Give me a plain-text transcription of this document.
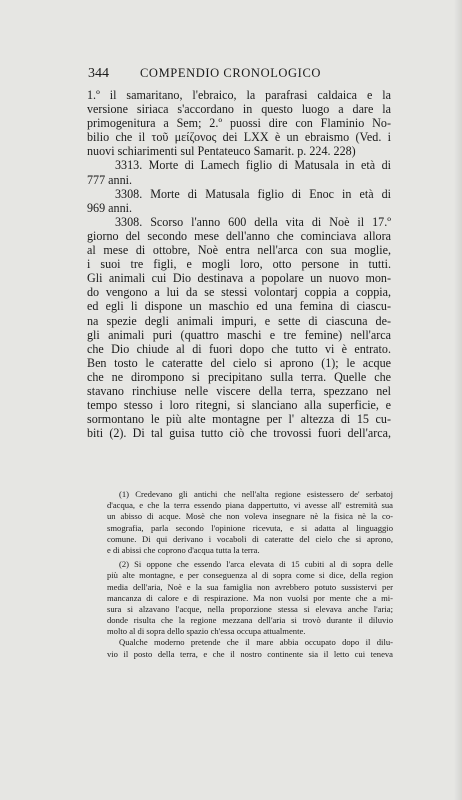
344	COMPENDIO CRONOLOGICO
1.º il samaritano, l'ebraico, la parafrasi caldaica e la
versione siriaca s'accordano in questo luogo a dare la
primogenitura a Sem; 2.º puossi dire con Flaminio No-
bilio che il τοῦ μείζονος dei LXX è un ebraismo (Ved. i
nuovi schiarimenti sul Pentateuco Samarit. p. 224. 228)
3313. Morte di Lamech figlio di Matusala in età di
777 anni.
3308. Morte di Matusala figlio di Enoc in età di
969 anni.
3308. Scorso l'anno 600 della vita di Noè il 17.º
giorno del secondo mese dell'anno che cominciava allora
al mese di ottobre, Noè entra nell'arca con sua moglie,
i suoi tre figli, e mogli loro, otto persone in tutti.
Gli animali cui Dio destinava a popolare un nuovo mon-
do vengono a lui da se stessi volontarj coppia a coppia,
ed egli li dispone un maschio ed una femina di ciascu-
na spezie degli animali impuri, e sette di ciascuna de-
gli animali puri (quattro maschi e tre femine) nell'arca
che Dio chiude al di fuori dopo che tutto vi è entrato.
Ben tosto le cateratte del cielo si aprono (1); le acque
che ne dirompono si precipitano sulla terra. Quelle che
stavano rinchiuse nelle viscere della terra, spezzano nel
tempo stesso i loro ritegni, si slanciano alla superficie, e
sormontano le più alte montagne per l' altezza di 15 cu-
biti (2). Di tal guisa tutto ciò che trovossi fuori dell'arca,
(1) Credevano gli antichi che nell'alta regione esistessero de' serbatoj
d'acqua, e che la terra essendo piana dappertutto, vi avesse all' estremità sua
un abisso di acque. Mosè che non voleva insegnare nè la fisica nè la co-
smografia, parla secondo l'opinione ricevuta, e si adatta al linguaggio
comune. Di qui derivano i vocaboli di cateratte del cielo che si aprono,
e di abissi che coprono d'acqua tutta la terra.
(2) Si oppone che essendo l'arca elevata di 15 cubiti al di sopra delle
più alte montagne, e per conseguenza al di sopra come si dice, della region
media dell'aria, Noè e la sua famiglia non avrebbero potuto sussistervi per
mancanza di calore e di respirazione. Ma non vuolsi por mente che a mi-
sura si alzavano l'acque, nella proporzione stessa si elevava anche l'aria;
donde risulta che la regione mezzana dell'aria si trovò durante il diluvio
molto al di sopra dello spazio ch'essa occupa attualmente.
Qualche moderno pretende che il mare abbia occupato dopo il dilu-
vio il posto della terra, e che il nostro continente sia il letto cui teneva
